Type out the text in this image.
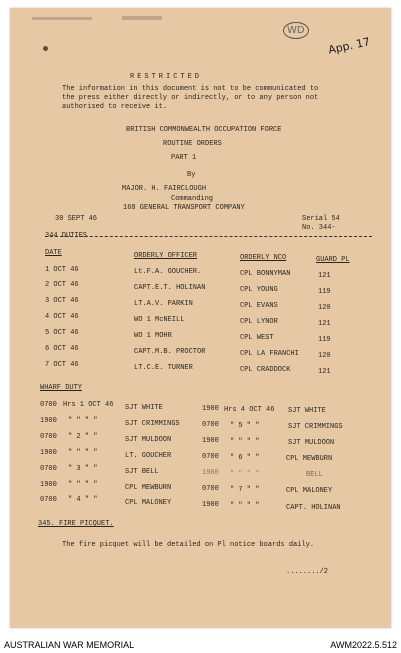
WD
App. 17
RESTRICTED
The information in this document is not to be communicated to
the press either directly or indirectly, or to any person not
authorised to receive it.
BRITISH COMMONWEALTH OCCUPATION FORCE
ROUTINE ORDERS
PART 1
By
MAJOR. H. FAIRCLOUGH
Commanding
168 GENERAL TRANSPORT COMPANY
30 SEPT 46	Serial 54
No. 344-
344 DUTIES
DATE	ORDERLY OFFICER	ORDERLY NCO	GUARD PL
1 OCT 46	Lt.F.A. GOUCHER.	CPL BONNYMAN	121
2 OCT 46	CAPT.E.T. HOLINAN	CPL YOUNG	119
3 OCT 46	LT.A.V. PARKIN	CPL EVANS	120
4 OCT 46	WO 1 McNEILL	CPL LYNOR	121
5 OCT 46	WO 1 MOHR	CPL WEST	119
6 OCT 46	CAPT.M.B. PROCTOR	CPL LA FRANCHI	120
7 OCT 46	LT.C.E. TURNER	CPL CRADDOCK	121
WHARF DUTY
0700 Hrs 1 OCT 46 SJT WHITE
1900 " " " "	SJT CRIMMINGS
0700 " 2 " "	SJT MULDOON
1900 " " " "	LT. GOUCHER
0700 " 3 " "	SJT BELL
1900 " " " "	CPL MEWBURN
0700 " 4 " "	CPL MALONEY
1900 Hrs 4 OCT 46 SJT WHITE
0700 " 5 " "	SJT CRIMMINGS
1900 " " " "	SJT MULDOON
0700 " 6 " "	CPL MEWBURN
1900 " " " "	BELL
0700 " 7 " "	CPL MALONEY
1900 " " " "	CAPT. HOLINAN
345. FIRE PICQUET.
The fire picquet will be detailed on Pl notice boards daily.
......../2
AUSTRALIAN WAR MEMORIAL	AWM2022.5.512
